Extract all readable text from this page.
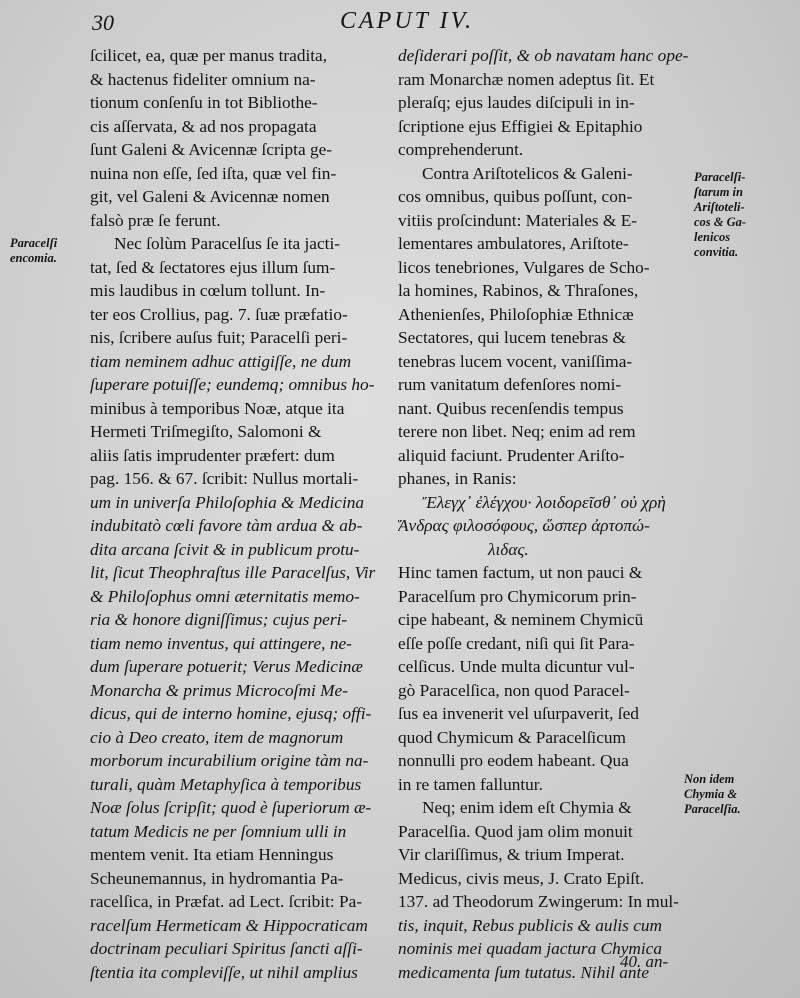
30	CAPUT IV.
ſcilicet, ea, quæ per manus tradita,
& hactenus fideliter omnium na-
tionum conſenſu in tot Bibliothe-
cis aſſervata, & ad nos propagata
ſunt Galeni & Avicennæ ſcripta ge-
nuina non eſſe, ſed iſta, quæ vel fin-
git, vel Galeni & Avicennæ nomen
falsò præ ſe ferunt.
Nec ſolùm Paracelſus ſe ita jacti-
tat, ſed & ſectatores ejus illum ſum-
mis laudibus in cœlum tollunt. In-
ter eos Crollius, pag. 7. ſuæ præfatio-
nis, ſcribere auſus fuit; Paracelſi peri-
tiam neminem adhuc attigiſſe, ne dum
ſuperare potuiſſe; eundemq; omnibus ho-
minibus à temporibus Noæ, atque ita
Hermeti Triſmegiſto, Salomoni &
aliis ſatis imprudenter præfert: dum
pag. 156. & 67. ſcribit: Nullus mortali-
um in univerſa Philoſophia & Medicina
indubitatò cœli favore tàm ardua & ab-
dita arcana ſcivit & in publicum protu-
lit, ſicut Theophraſtus ille Paracelſus, Vir
& Philoſophus omni æternitatis memo-
ria & honore digniſſimus; cujus peri-
tiam nemo inventus, qui attingere, ne-
dum ſuperare potuerit; Verus Medicinæ
Monarcha & primus Microcoſmi Me-
dicus, qui de interno homine, ejusq; offi-
cio à Deo creato, item de magnorum
morborum incurabilium origine tàm na-
turali, quàm Metaphyſica à temporibus
Noæ ſolus ſcripſit; quod è ſuperiorum æ-
tatum Medicis ne per ſomnium ulli in
mentem venit. Ita etiam Henningus
Scheunemannus, in hydromantia Pa-
racelſica, in Præfat. ad Lect. ſcribit: Pa-
racelſum Hermeticam & Hippocraticam
doctrinam peculiari Spiritus ſancti aſſi-
ſtentia ita compleviſſe, ut nihil amplius
deſiderari poſſit, & ob navatam hanc ope-
ram Monarchæ nomen adeptus ſit. Et
pleraſq; ejus laudes diſcipuli in in-
ſcriptione ejus Effigiei & Epitaphio
comprehenderunt.
Contra Ariſtotelicos & Galeni-
cos omnibus, quibus poſſunt, con-
vitiis proſcindunt: Materiales & E-
lementares ambulatores, Ariſtote-
licos tenebriones, Vulgares de Scho-
la homines, Rabinos, & Thraſones,
Athenienſes, Philoſophiæ Ethnicæ
Sectatores, qui lucem tenebras &
tenebras lucem vocent, vaniſſima-
rum vanitatum defenſores nomi-
nant. Quibus recenſendis tempus
terere non libet. Neq; enim ad rem
aliquid faciunt. Prudenter Ariſto-
phanes, in Ranis:
Ἔλεγχ᾽ ἐλέγχου· λοιδορεῖσθ᾽ οὐ χρὴ
Ἄνδρας φιλοσόφους, ὥσπερ ἀρτοπώ-
λιδας.
Hinc tamen factum, ut non pauci &
Paracelſum pro Chymicorum prin-
cipe habeant, & neminem Chymicū
eſſe poſſe credant, niſi qui ſit Para-
celſicus. Unde multa dicuntur vul-
gò Paracelſica, non quod Paracel-
ſus ea invenerit vel uſurpaverit, ſed
quod Chymicum & Paracelſicum
nonnulli pro eodem habeant. Qua
in re tamen falluntur.
Neq; enim idem eſt Chymia &
Paracelſia. Quod jam olim monuit
Vir clariſſimus, & trium Imperat.
Medicus, civis meus, J. Crato Epiſt.
137. ad Theodorum Zwingerum: In mul-
tis, inquit, Rebus publicis & aulis cum
nominis mei quadam jactura Chymica
medicamenta ſum tutatus. Nihil ante
Paracelſi
encomia.
Paracelſi-
ſtarum in
Ariſtoteli-
cos & Ga-
lenicos
convitia.
Non idem
Chymia &
Paracelſia.
40. an-
